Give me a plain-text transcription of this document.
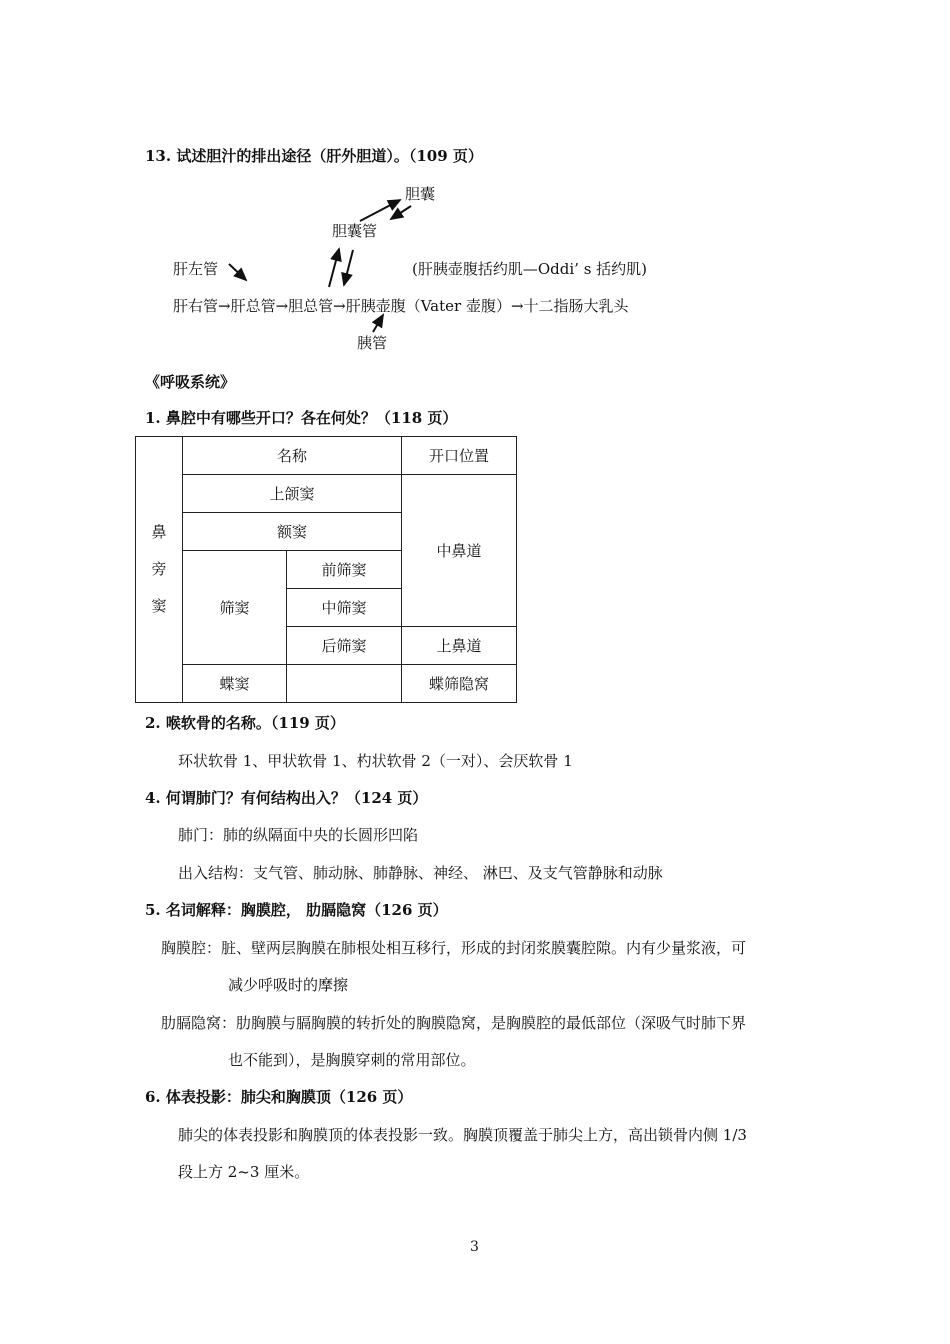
13. 试述胆汁的排出途径（肝外胆道）。（109 页）
胆囊
胆囊管
肝左管	(肝胰壶腹括约肌—Oddi’ s 括约肌)
肝右管→肝总管→胆总管→肝胰壶腹（Vater 壶腹）→十二指肠大乳头
胰管
《呼吸系统》
1. 鼻腔中有哪些开口？各在何处？（118 页）
鼻旁窦	名称		开口位置
	上颌窦		中鼻道
	额窦		
	筛窦	前筛窦	
		中筛窦	
		后筛窦	上鼻道
	蝶窦		蝶筛隐窝
2. 喉软骨的名称。（119 页）
环状软骨 1、甲状软骨 1、杓状软骨 2（一对）、会厌软骨 1
4. 何谓肺门？有何结构出入？（124 页）
肺门：肺的纵隔面中央的长圆形凹陷
出入结构：支气管、肺动脉、肺静脉、神经、 淋巴、及支气管静脉和动脉
5. 名词解释：胸膜腔， 肋膈隐窝（126 页）
胸膜腔：脏、壁两层胸膜在肺根处相互移行，形成的封闭浆膜囊腔隙。内有少量浆液，可
减少呼吸时的摩擦
肋膈隐窝：肋胸膜与膈胸膜的转折处的胸膜隐窝，是胸膜腔的最低部位（深吸气时肺下界
也不能到），是胸膜穿刺的常用部位。
6. 体表投影：肺尖和胸膜顶（126 页）
肺尖的体表投影和胸膜顶的体表投影一致。胸膜顶覆盖于肺尖上方，高出锁骨内侧 1/3
段上方 2~3 厘米。
3
